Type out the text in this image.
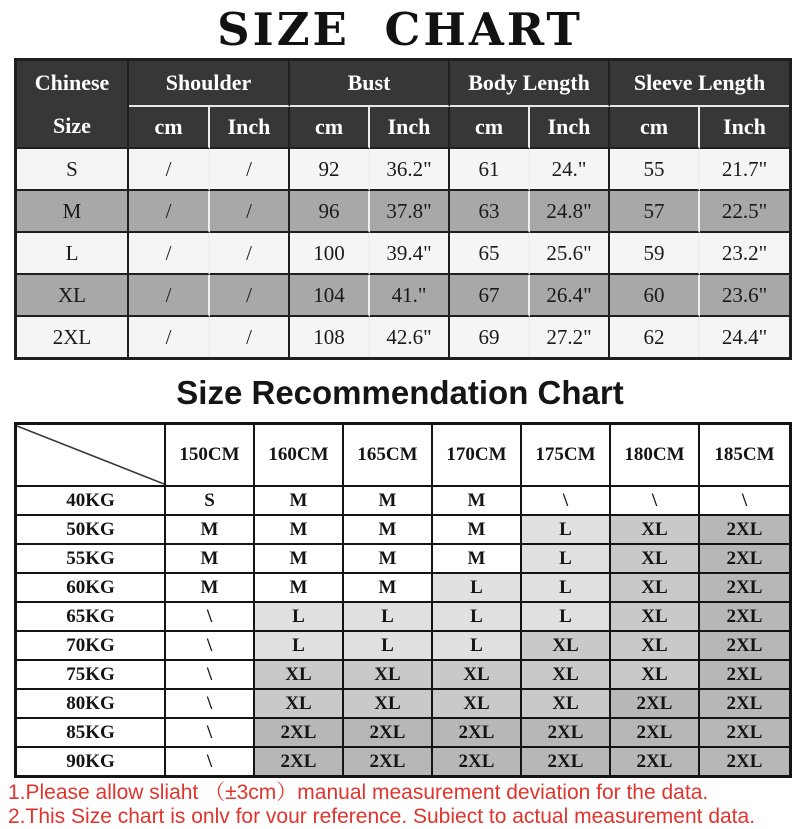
SIZE CHART
Chinese
Size	Shoulder		Bust		Body Length		Sleeve Length	
	cm	Inch	cm	Inch	cm	Inch	cm	Inch
S	/	/	92	36.2"	61	24."	55	21.7"
M	/	/	96	37.8"	63	24.8"	57	22.5"
L	/	/	100	39.4"	65	25.6"	59	23.2"
XL	/	/	104	41."	67	26.4"	60	23.6"
2XL	/	/	108	42.6"	69	27.2"	62	24.4"
Size Recommendation Chart
	150CM	160CM	165CM	170CM	175CM	180CM	185CM
40KG	S	M	M	M	\	\	\
50KG	M	M	M	M	L	XL	2XL
55KG	M	M	M	M	L	XL	2XL
60KG	M	M	M	L	L	XL	2XL
65KG	\	L	L	L	L	XL	2XL
70KG	\	L	L	L	XL	XL	2XL
75KG	\	XL	XL	XL	XL	XL	2XL
80KG	\	XL	XL	XL	XL	2XL	2XL
85KG	\	2XL	2XL	2XL	2XL	2XL	2XL
90KG	\	2XL	2XL	2XL	2XL	2XL	2XL

1.Please allow sliaht （±3cm）manual measurement deviation for the data.

2.This Size chart is onlv for vour reference. Subiect to actual measurement data.
